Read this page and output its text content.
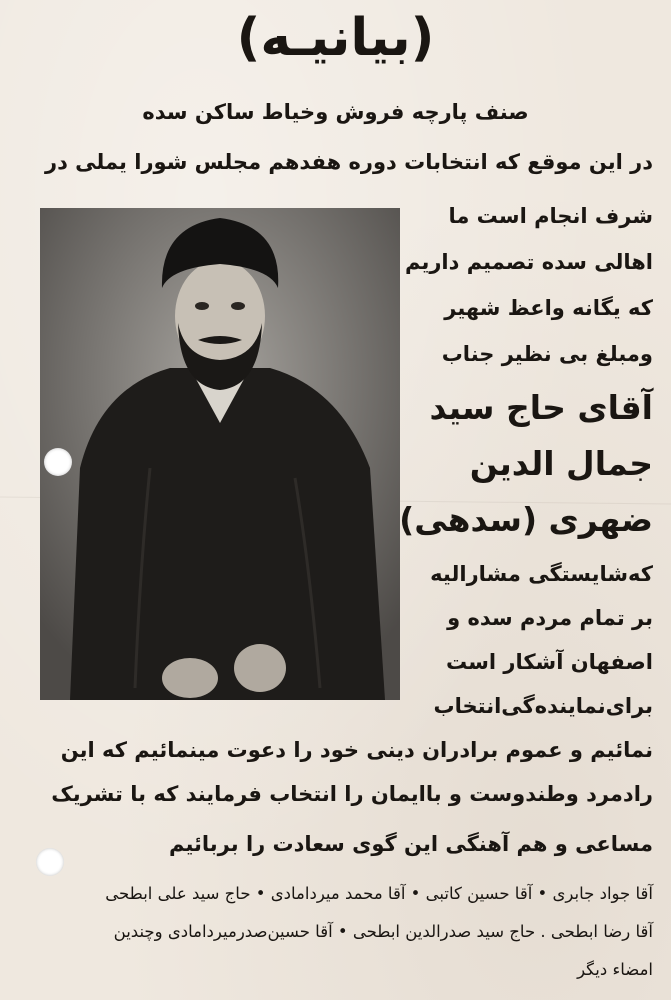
(بیانیـه)
صنف پارچه فروش وخیاط ساکن سده
در این موقع که انتخابات دوره هفدهم مجلس شورا یملی در
شرف انجام است ما
اهالی سده تصمیم داریم
که یگانه واعظ شهیر
ومبلغ بی نظیر جناب
آقای حاج سید
جمال الدین
ضهری (سدهی)
که‌شایستگی مشارالیه
بر تمام مردم سده و
اصفهان آشکار است
برای‌نماینده‌گی‌انتخاب
نمائیم و عموم برادران دینی خود را دعوت مینمائیم که این
رادمرد وطندوست و باایمان را انتخاب فرمایند که با تشریک
مساعی و هم آهنگی این گوی سعادت را بربائیم
آقا جواد جابری • آقا حسین کاتبی • آقا محمد میردامادی • حاج سید علی ابطحی
آقا رضا ابطحی . حاج سید صدرالدین ابطحی • آقا حسین‌صدرمیرداماد‌ی وچندین
امضاء دیگر
